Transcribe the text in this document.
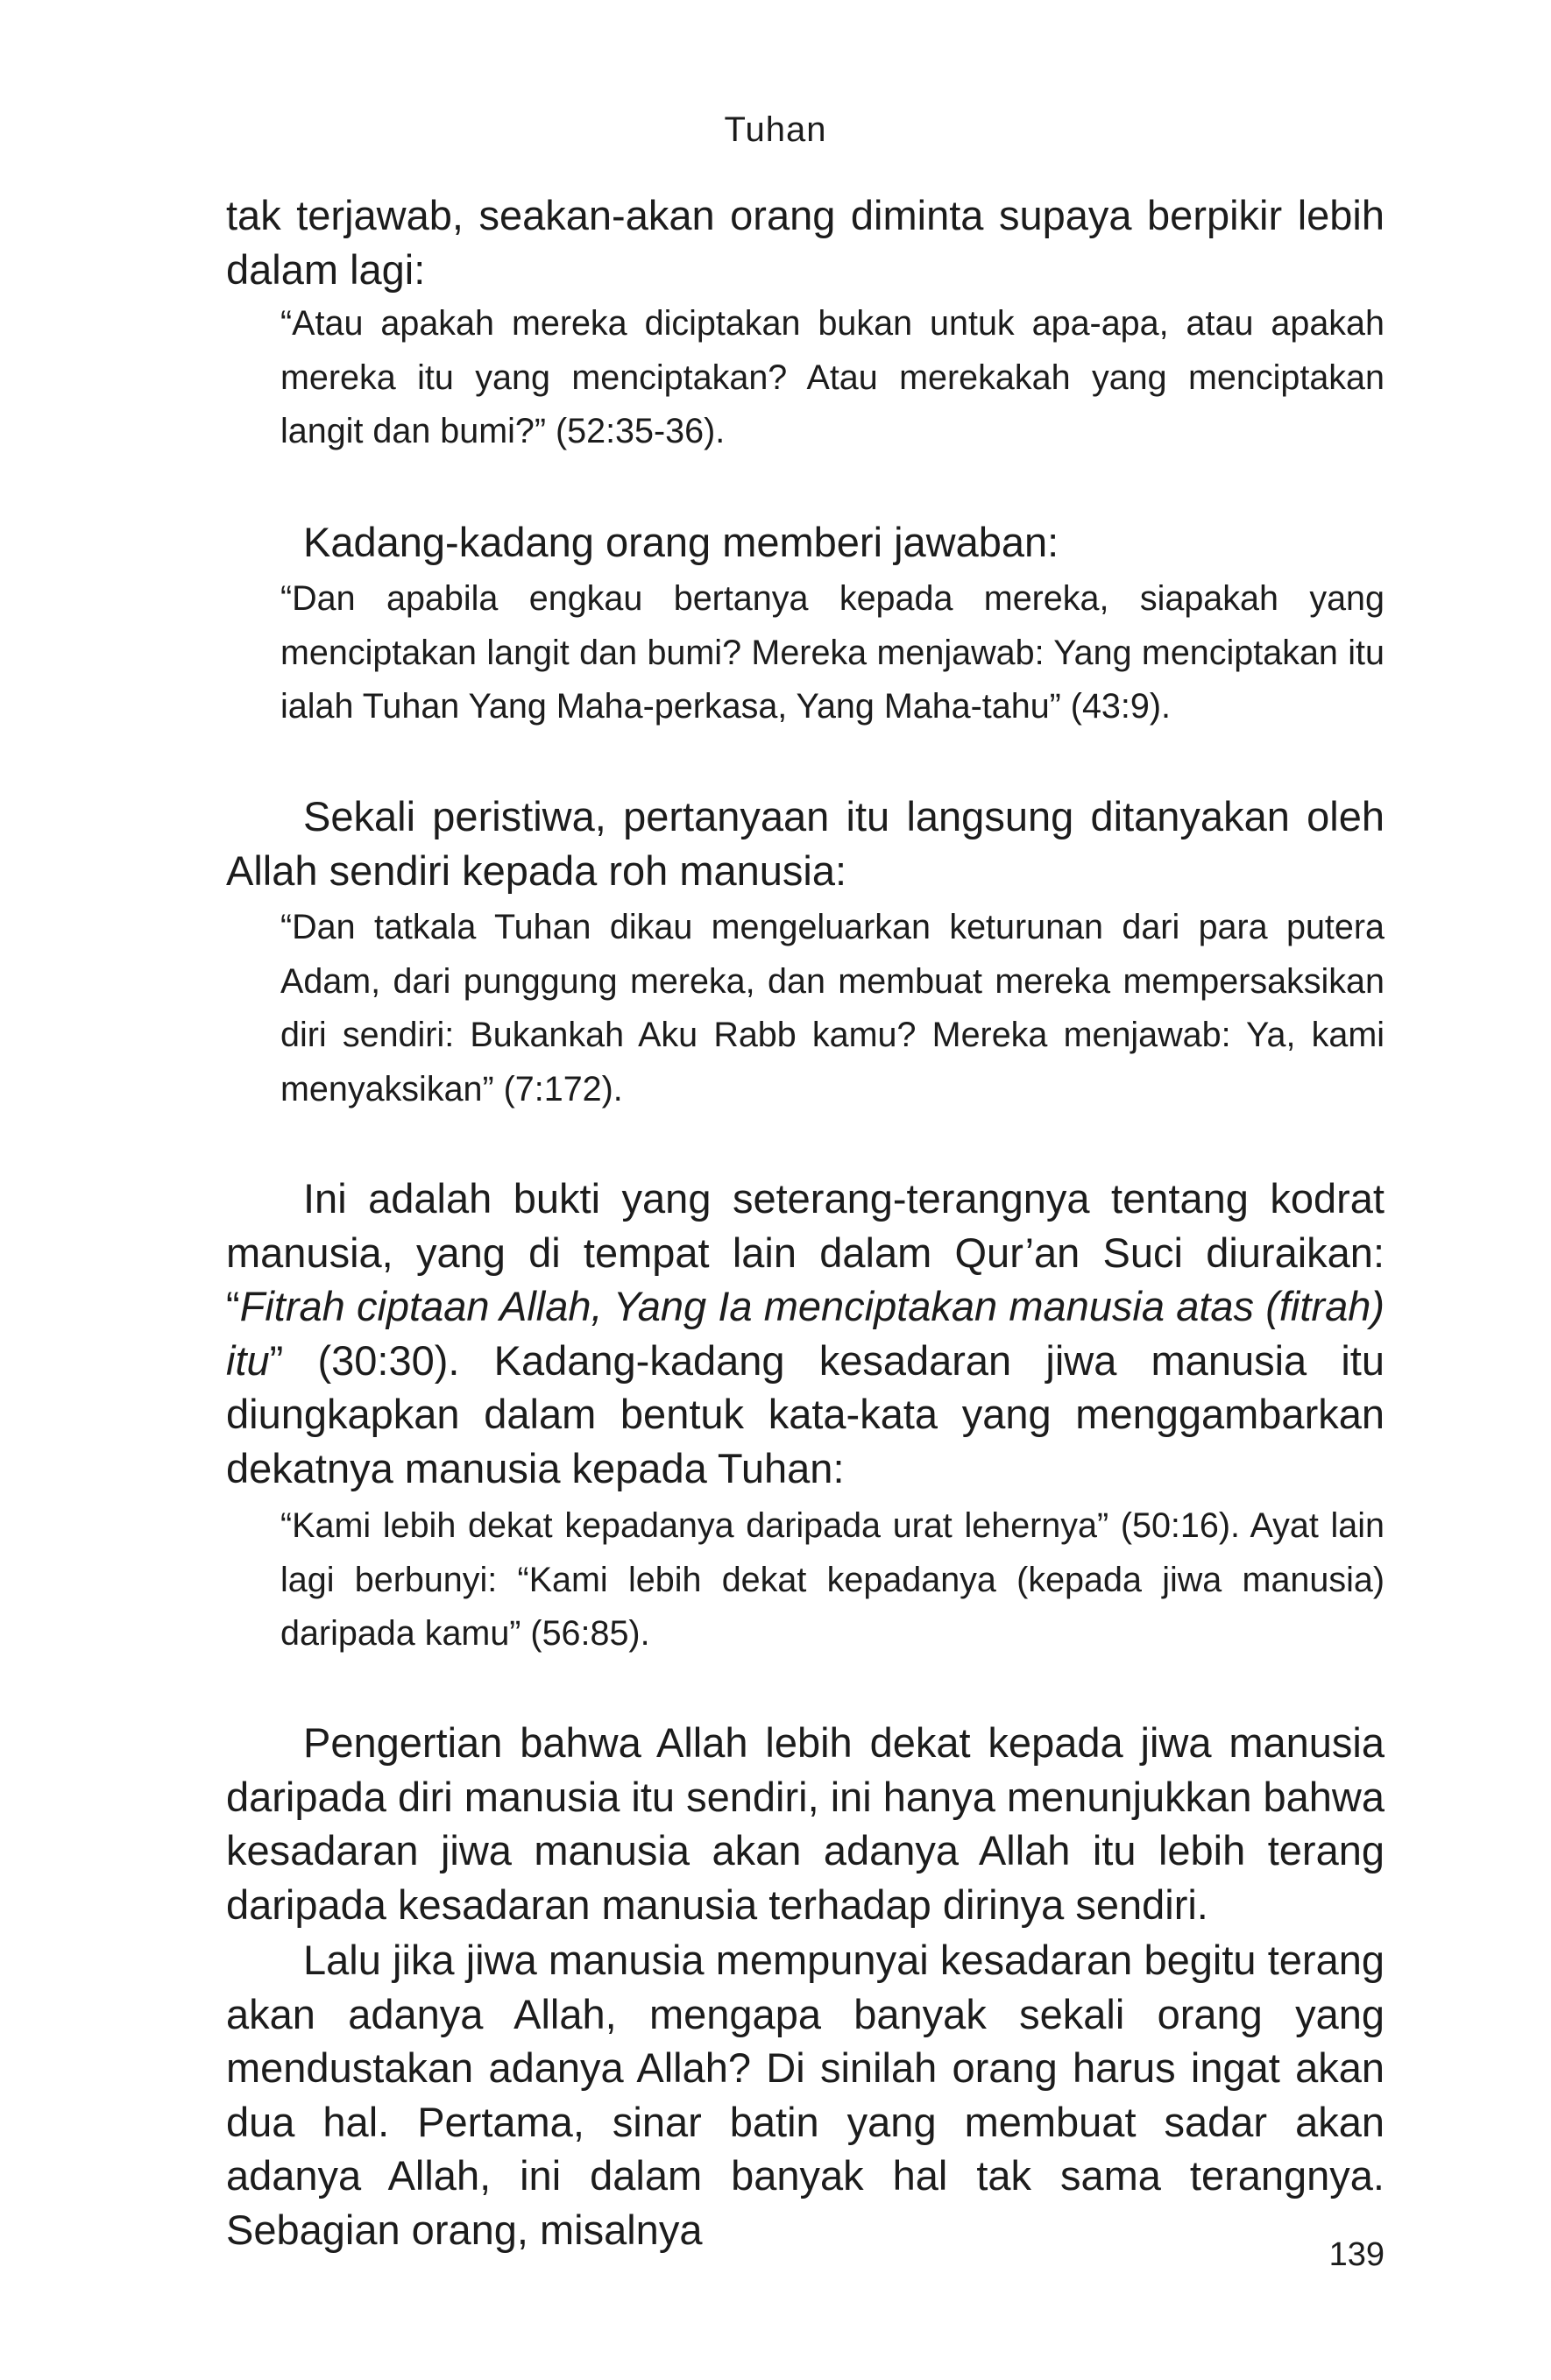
Tuhan

tak terjawab, seakan-akan orang diminta supaya berpikir lebih dalam lagi:

“Atau apakah mereka diciptakan bukan untuk apa-apa, atau apakah mereka itu yang menciptakan? Atau merekakah yang menciptakan langit dan bumi?” (52:35-36).

Kadang-kadang orang memberi jawaban:

“Dan apabila engkau bertanya kepada mereka, siapakah yang menciptakan langit dan bumi? Mereka menjawab: Yang menciptakan itu ialah Tuhan Yang Maha-perkasa, Yang Maha-tahu” (43:9).

Sekali peristiwa, pertanyaan itu langsung ditanyakan oleh Allah sendiri kepada roh manusia:

“Dan tatkala Tuhan dikau mengeluarkan keturunan dari para putera Adam, dari punggung mereka, dan membuat mereka mempersaksikan diri sendiri: Bukankah Aku Rabb kamu? Mereka menjawab: Ya, kami menyaksikan” (7:172).

Ini adalah bukti yang seterang-terangnya tentang kodrat manusia, yang di tempat lain dalam Qur’an Suci diuraikan: “Fitrah ciptaan Allah, Yang Ia menciptakan manusia atas (fitrah) itu” (30:30). Kadang-kadang kesadaran jiwa manusia itu diungkapkan dalam bentuk kata-kata yang menggambarkan dekatnya manusia kepada Tuhan:

“Kami lebih dekat kepadanya daripada urat lehernya” (50:16). Ayat lain lagi berbunyi: “Kami lebih dekat kepadanya (kepada jiwa manusia) daripada kamu” (56:85).

Pengertian bahwa Allah lebih dekat kepada jiwa manusia daripada diri manusia itu sendiri, ini hanya menunjukkan bahwa kesadaran jiwa manusia akan adanya Allah itu lebih terang daripada kesadaran manusia terhadap dirinya sendiri.

Lalu jika jiwa manusia mempunyai kesadaran begitu terang akan adanya Allah, mengapa banyak sekali orang yang mendustakan adanya Allah? Di sinilah orang harus ingat akan dua hal. Pertama, sinar batin yang membuat sadar akan adanya Allah, ini dalam banyak hal tak sama terangnya. Sebagian orang, misalnya

139
